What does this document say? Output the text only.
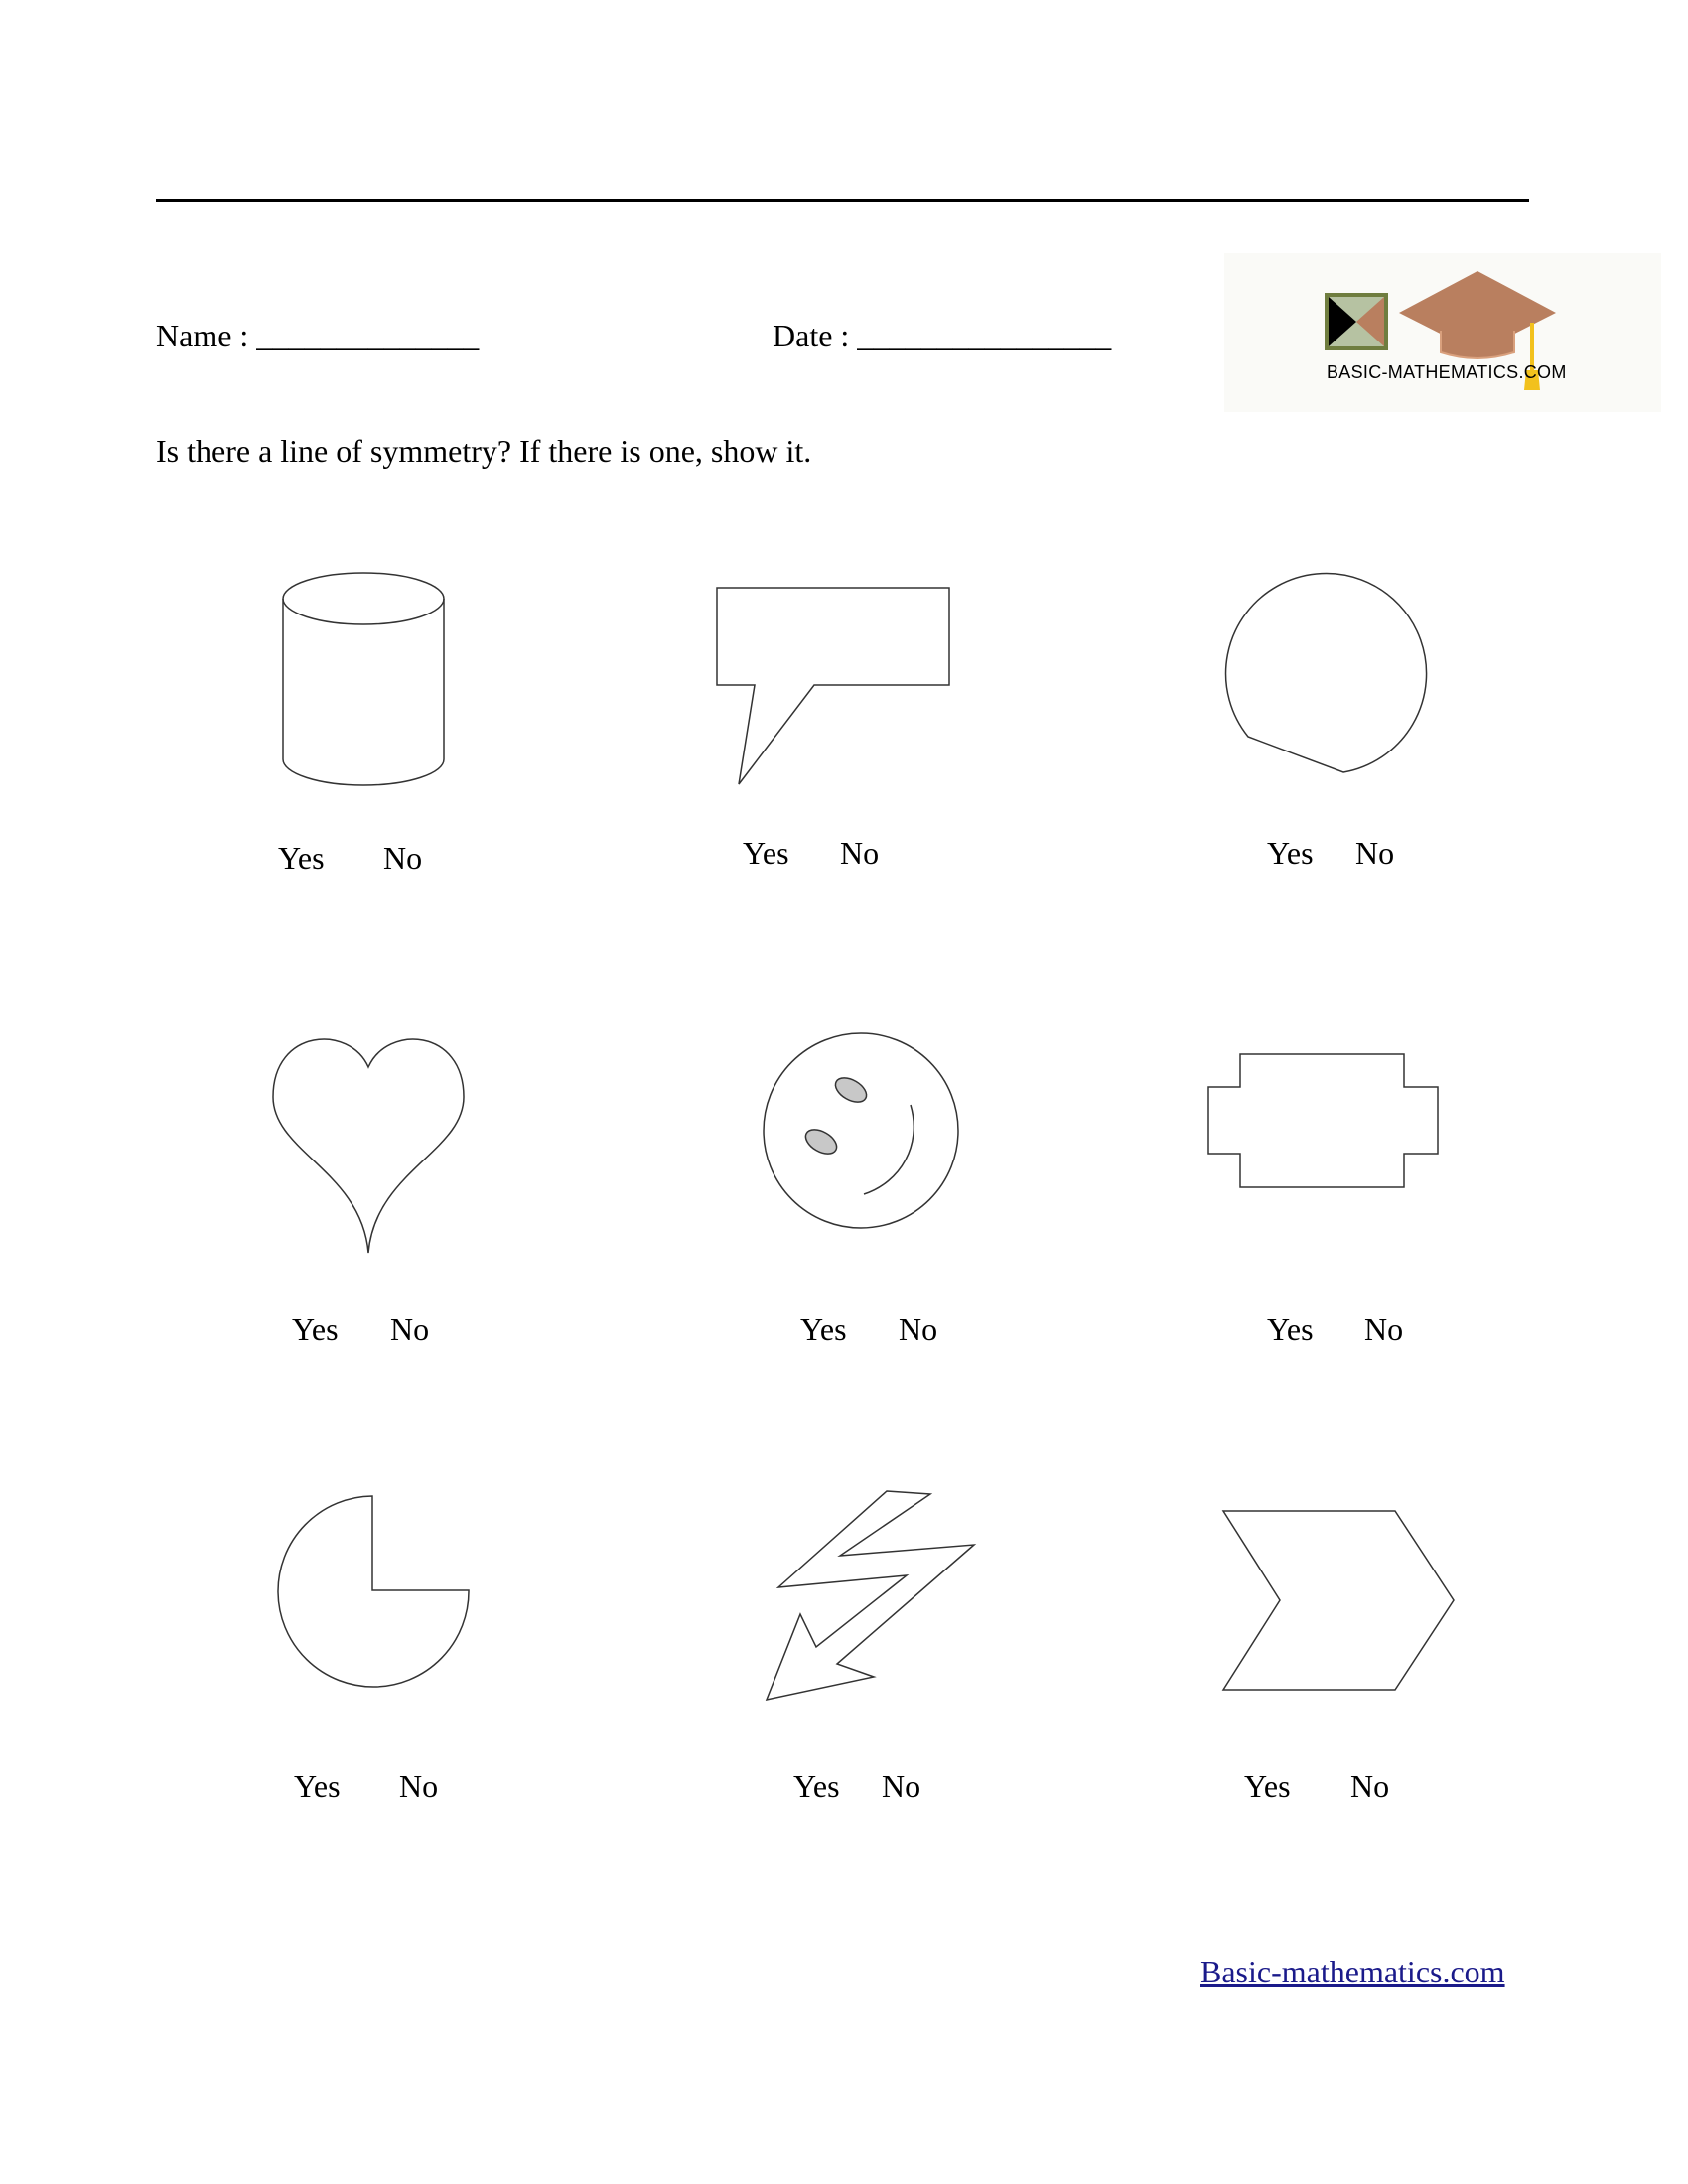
Name : ______________	Date : ________________
BASIC-MATHEMATICS.COM
Is there a line of symmetry? If there is one, show it.
Yes No	Yes No	Yes No
Yes No	Yes No	Yes No
Yes No	Yes No	Yes No
Basic-mathematics.com
